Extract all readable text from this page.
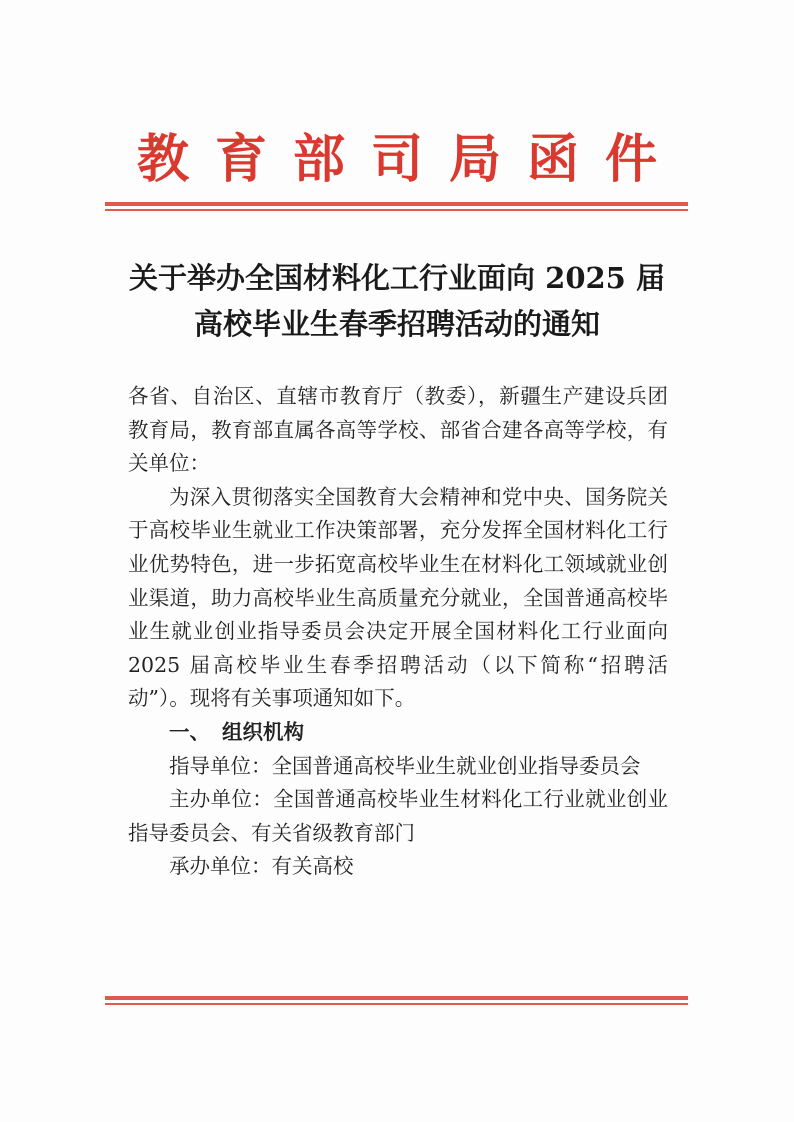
教育部司局函件
关于举办全国材料化工行业面向 2025 届
高校毕业生春季招聘活动的通知

各省、自治区、直辖市教育厅（教委），新疆生产建设兵团教育局，教育部直属各高等学校、部省合建各高等学校，有关单位：

为深入贯彻落实全国教育大会精神和党中央、国务院关于高校毕业生就业工作决策部署，充分发挥全国材料化工行业优势特色，进一步拓宽高校毕业生在材料化工领域就业创业渠道，助力高校毕业生高质量充分就业，全国普通高校毕业生就业创业指导委员会决定开展全国材料化工行业面向 2025 届高校毕业生春季招聘活动（以下简称“招聘活动”）。现将有关事项通知如下。

一、 组织机构

指导单位：全国普通高校毕业生就业创业指导委员会

主办单位：全国普通高校毕业生材料化工行业就业创业指导委员会、有关省级教育部门

承办单位：有关高校
